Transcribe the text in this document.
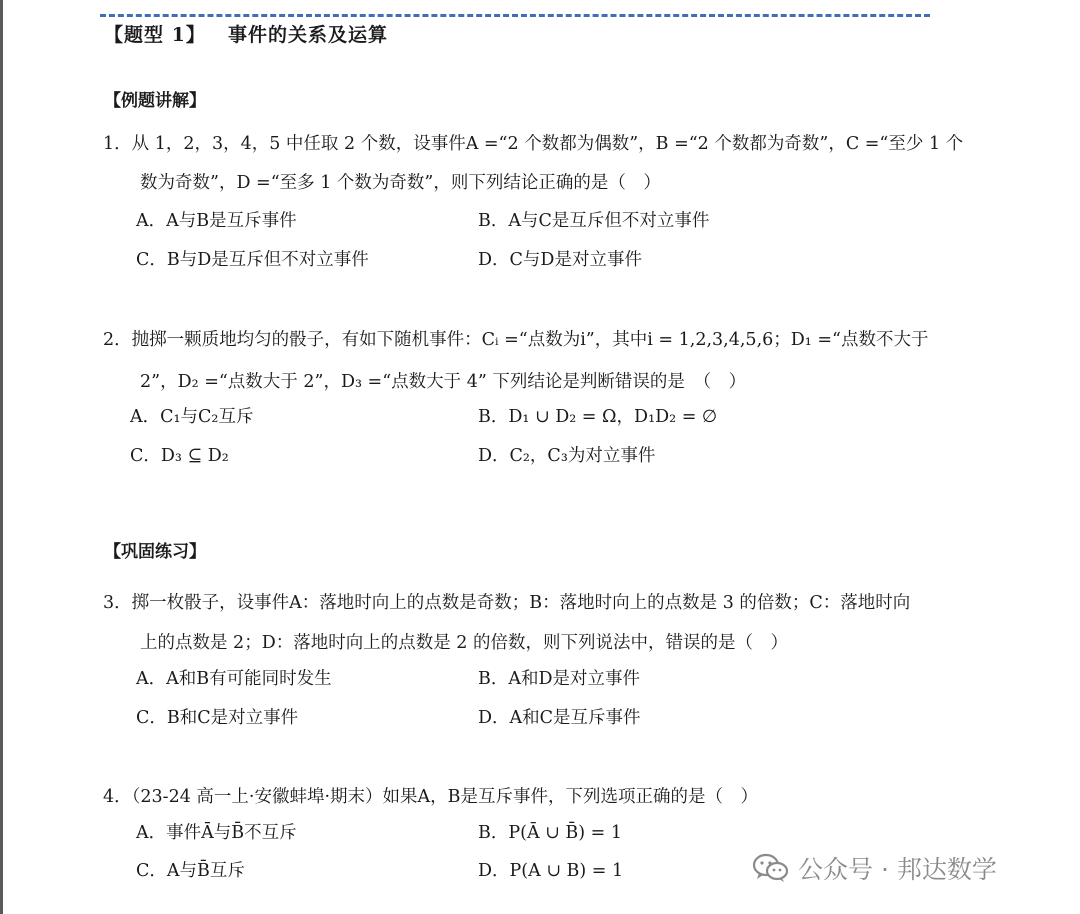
【题型 1】 事件的关系及运算
【例题讲解】
1．从 1，2，3，4，5 中任取 2 个数，设事件A =“2 个数都为偶数”，B =“2 个数都为奇数”，C =“至少 1 个
数为奇数”，D =“至多 1 个数为奇数”，则下列结论正确的是（　）
A．A与B是互斥事件	B．A与C是互斥但不对立事件
C．B与D是互斥但不对立事件	D．C与D是对立事件
2．抛掷一颗质地均匀的骰子，有如下随机事件：Cᵢ =“点数为i”，其中i = 1,2,3,4,5,6；D₁ =“点数不大于
2”，D₂ =“点数大于 2”，D₃ =“点数大于 4” 下列结论是判断错误的是　（　）
A．C₁与C₂互斥	B．D₁ ∪ D₂ = Ω，D₁D₂ = ∅
C．D₃ ⊆ D₂	D．C₂，C₃为对立事件
【巩固练习】
3．掷一枚骰子，设事件A：落地时向上的点数是奇数；B：落地时向上的点数是 3 的倍数；C：落地时向
上的点数是 2；D：落地时向上的点数是 2 的倍数，则下列说法中，错误的是（　）
A．A和B有可能同时发生	B．A和D是对立事件
C．B和C是对立事件	D．A和C是互斥事件
4．（23-24 高一上·安徽蚌埠·期末）如果A，B是互斥事件，下列选项正确的是（　）
A．事件Ā与B̄不互斥	B．P(Ā ∪ B̄) = 1
C．A与B̄互斥	D．P(A ∪ B) = 1	公众号 · 邦达数学
